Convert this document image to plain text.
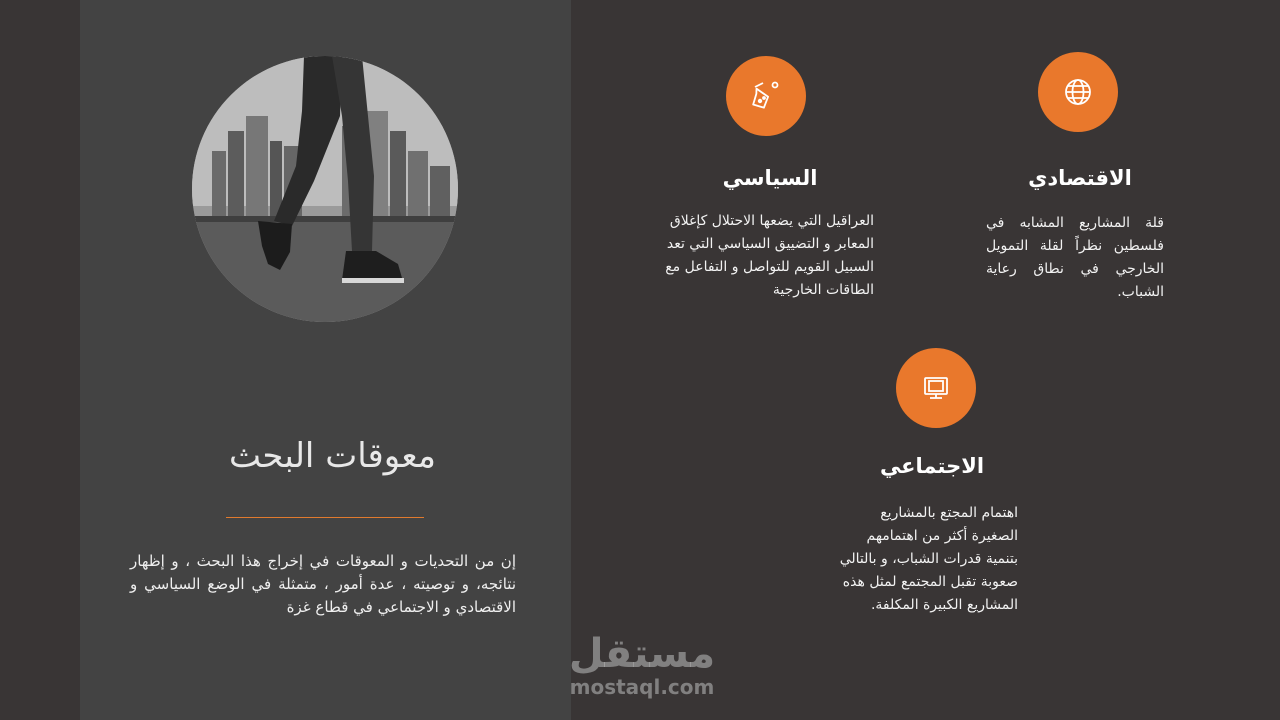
معوقات البحث
إن من التحديات و المعوقات في إخراج هذا البحث ، و إظهار نتائجه، و توصيته ، عدة أمور ، متمثلة في الوضع السياسي و الاقتصادي و الاجتماعي في قطاع غزة
الاقتصادي
قلة المشاريع المشابه في فلسطين نظراً لقلة التمويل الخارجي في نطاق رعاية الشباب.
السياسي
العراقيل التي يضعها الاحتلال كإغلاق المعابر و التضييق السياسي التي تعد السبيل القويم للتواصل و التفاعل مع الطاقات الخارجية
الاجتماعي
اهتمام المجتع بالمشاريع الصغيرة أكثر من اهتمامهم بتنمية قدرات الشباب، و بالتالي صعوبة تقبل المجتمع لمثل هذه المشاريع الكبيرة المكلفة.
مستقل
mostaql.com
